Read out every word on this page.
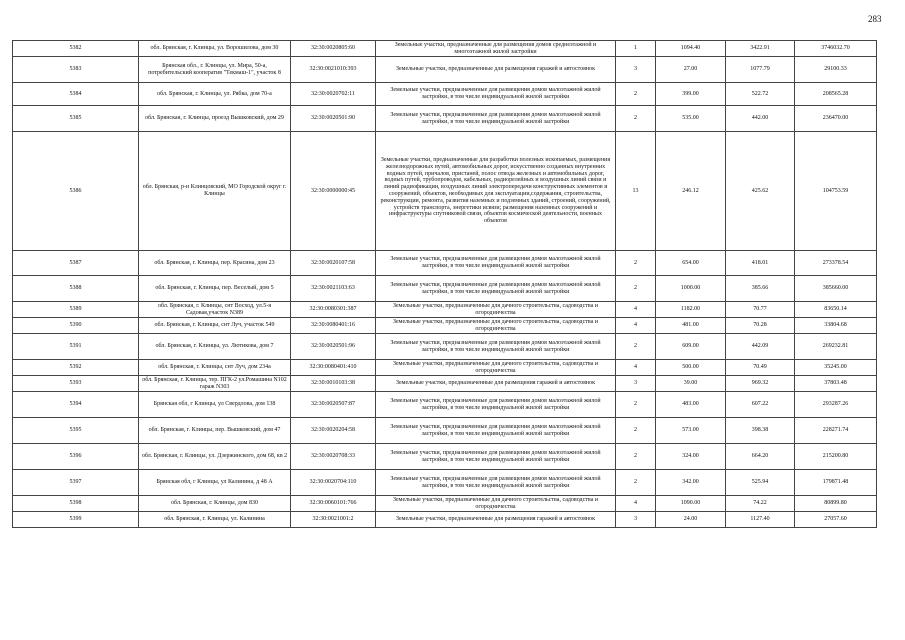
283
5382	обл. Брянская, г. Клинцы, ул. Ворошилова, дом 30	32:30:0020805:60	Земельные участки, предназначенные для размещения домов среднеэтажной и многоэтажной жилой застройки	1	1094.40	3422.91	3746032.70
5383	Брянская обл., г. Клинцы, ул. Мира, 50-а, потребительский кооператив "Текмаш-1", участок 8	32:30:0021010:393	Земельные участки, предназначенные для размещения гаражей и автостоянок	3	27.00	1077.79	29100.33
5384	обл. Брянская, г. Клинцы, ул. Рябка, дом 70-а	32:30:0020702:11	Земельные участки, предназначенные для размещения домов малоэтажной жилой застройки, в том числе индивидуальной жилой застройки	2	399.00	522.72	208565.28
5385	обл. Брянская, г. Клинцы, проезд Вышковский, дом 29	32:30:0020501:90	Земельные участки, предназначенные для размещения домов малоэтажной жилой застройки, в том числе индивидуальной жилой застройки	2	535.00	442.00	236470.00
5386	обл. Брянская, р-н Клинцовский, МО Городской округ г. Клинцы	32:30:0000000:45	Земельные участки, предназначенные для разработки полезных ископаемых, размещения железнодорожных путей, автомобильных дорог, искусственно созданных внутренних водных путей, причалов, пристаней, полос отвода железных и автомобильных дорог, водных путей, трубопроводов, кабельных, радиорелейных и воздушных линий связи и линий радиофикации, воздушных линий электропередачи конструктивных элементов и сооружений, объектов, необходимых для эксплуатации,содержания, строительства, реконструкции, ремонта, развития наземных и подземных зданий, строений, сооружений, устройств транспорта, энергетики исвязи; размещения наземных сооружений и инфраструктуры спутниковой связи, объектов космической деятельности, военных объектов	13	246.12	425.62	104753.59
5387	обл. Брянская, г. Клинцы, пер. Красина, дом 23	32:30:0020107:58	Земельные участки, предназначенные для размещения домов малоэтажной жилой застройки, в том числе индивидуальной жилой застройки	2	654.00	418.01	273378.54
5388	обл. Брянская, г. Клинцы, пер. Веселый, дом 5	32:30:0021103:63	Земельные участки, предназначенные для размещения домов малоэтажной жилой застройки, в том числе индивидуальной жилой застройки	2	1000.00	385.66	385660.00
5389	обл. Брянская, г. Клинцы, снт Восход, ул.5-я Садовая,участок N389	32:30:0080301:387	Земельные участки, предназначенные для дачного строительства, садоводства и огородничества	4	1182.00	70.77	83650.14
5390	обл. Брянская, г. Клинцы, снт Луч, участок 549	32:30:0080401:16	Земельные участки, предназначенные для дачного строительства, садоводства и огородничества	4	481.00	70.28	33804.68
5391	обл. Брянская, г. Клинцы, ул. Лютикова, дом 7	32:30:0020501:96	Земельные участки, предназначенные для размещения домов малоэтажной жилой застройки, в том числе индивидуальной жилой застройки	2	609.00	442.09	269232.81
5392	обл. Брянская, г. Клинцы, снт Луч, дом 234а	32:30:0080401:410	Земельные участки, предназначенные для дачного строительства, садоводства и огородничества	4	500.00	70.49	35245.00
5393	обл. Брянская, г. Клинцы, тер. ПГК-2 ул.Ромашина N102 гараж N303	32:30:0010103:38	Земельные участки, предназначенные для размещения гаражей и автостоянок	3	39.00	969.32	37803.48
5394	Брянская обл, г Клинцы, ул Свердлова, дом 138	32:30:0020507:87	Земельные участки, предназначенные для размещения домов малоэтажной жилой застройки, в том числе индивидуальной жилой застройки	2	483.00	607.22	293287.26
5395	обл. Брянская, г. Клинцы, пер. Вышковский, дом 47	32:30:0020204:58	Земельные участки, предназначенные для размещения домов малоэтажной жилой застройки, в том числе индивидуальной жилой застройки	2	573.00	398.38	228271.74
5396	обл. Брянская, г. Клинцы, ул. Дзержинского, дом 68, кв 2	32:30:0020708:33	Земельные участки, предназначенные для размещения домов малоэтажной жилой застройки, в том числе индивидуальной жилой застройки	2	324.00	664.20	215200.80
5397	Брянская обл, г Клинцы, ул Калинина, д 48 А	32:30:0020704:110	Земельные участки, предназначенные для размещения домов малоэтажной жилой застройки, в том числе индивидуальной жилой застройки	2	342.00	525.94	179871.48
5398	обл. Брянская, г. Клинцы, дом 830	32:30:0060101:766	Земельные участки, предназначенные для дачного строительства, садоводства и огородничества	4	1090.00	74.22	80899.80
5399	обл. Брянская, г. Клинцы, ул. Калинина	32:30:0021001:2	Земельные участки, предназначенные для размещения гаражей и автостоянок	3	24.00	1127.40	27057.60
